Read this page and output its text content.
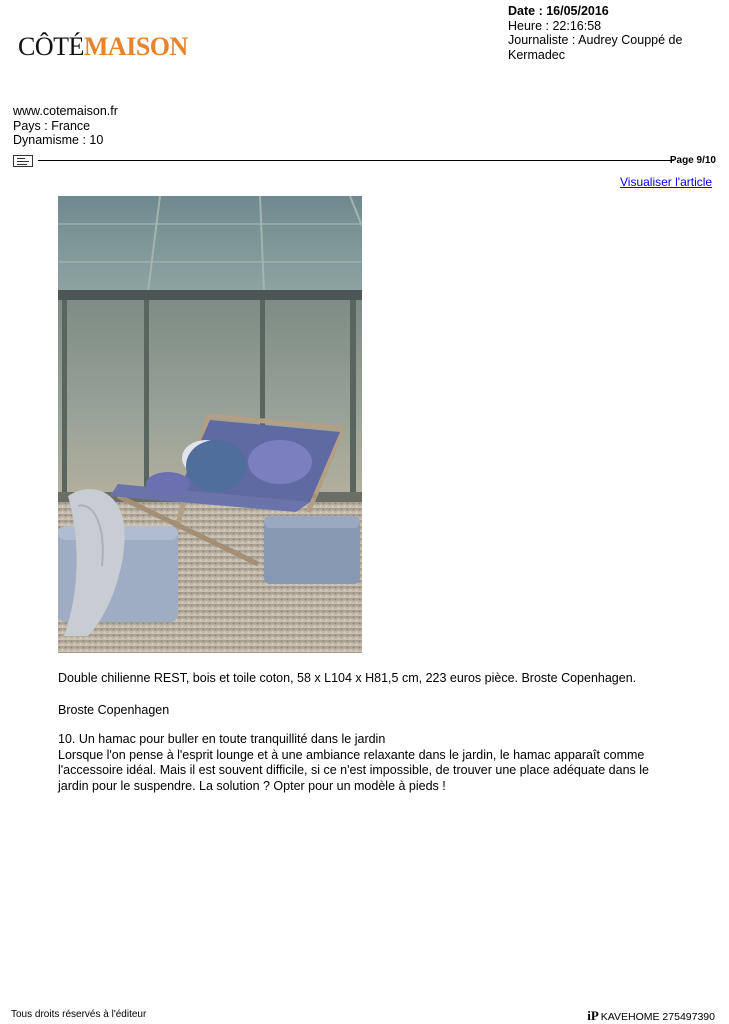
CÔTÉMAISON
Date : 16/05/2016
Heure : 22:16:58
Journaliste : Audrey Couppé de Kermadec
www.cotemaison.fr
Pays : France
Dynamisme : 10
Page 9/10
Visualiser l'article
Double chilienne REST, bois et toile coton, 58 x L104 x H81,5 cm, 223 euros pièce. Broste Copenhagen.
Broste Copenhagen

10. Un hamac pour buller en toute tranquillité dans le jardin

Lorsque l'on pense à l'esprit lounge et à une ambiance relaxante dans le jardin, le hamac apparaît comme l'accessoire idéal. Mais il est souvent difficile, si ce n'est impossible, de trouver une place adéquate dans le jardin pour le suspendre. La solution ? Opter pour un modèle à pieds !

Tous droits réservés à l'éditeur	iP KAVEHOME 275497390
